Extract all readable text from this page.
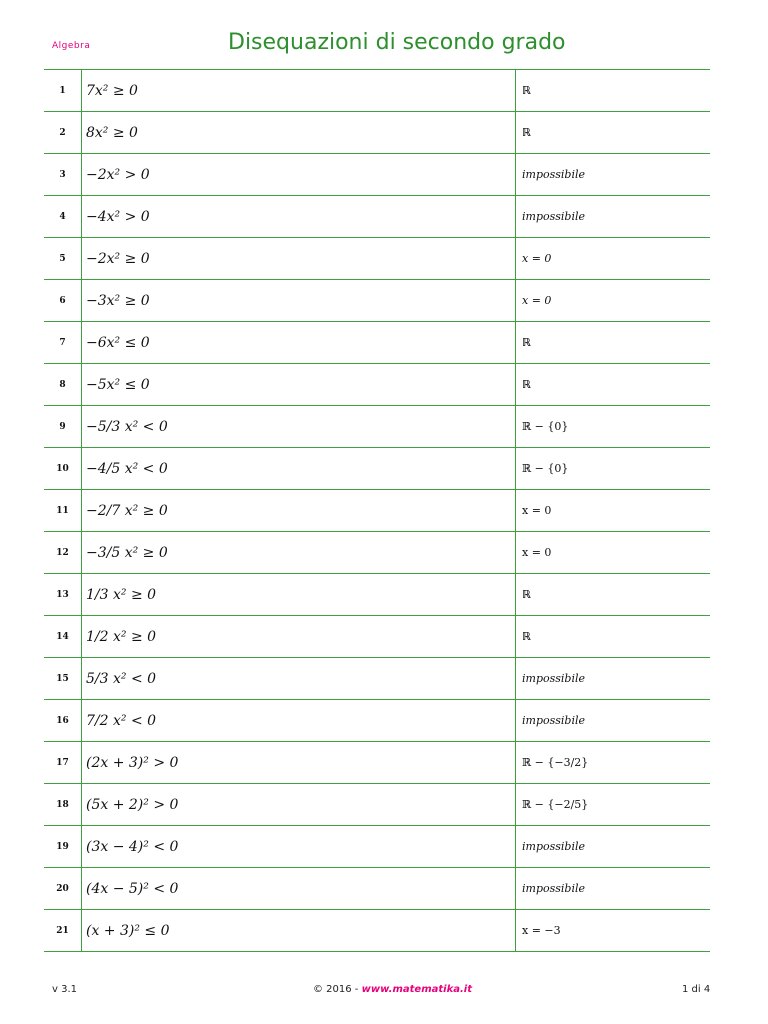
Algebra	Disequazioni di secondo grado
1	7x² ≥ 0	ℝ
2	8x² ≥ 0	ℝ
3	−2x² > 0	impossibile
4	−4x² > 0	impossibile
5	−2x² ≥ 0	x = 0
6	−3x² ≥ 0	x = 0
7	−6x² ≤ 0	ℝ
8	−5x² ≤ 0	ℝ
9	−5/3 x² < 0	ℝ − {0}
10	−4/5 x² < 0	ℝ − {0}
11	−2/7 x² ≥ 0	x = 0
12	−3/5 x² ≥ 0	x = 0
13	1/3 x² ≥ 0	ℝ
14	1/2 x² ≥ 0	ℝ
15	5/3 x² < 0	impossibile
16	7/2 x² < 0	impossibile
17	(2x + 3)² > 0	ℝ − {−3/2}
18	(5x + 2)² > 0	ℝ − {−2/5}
19	(3x − 4)² < 0	impossibile
20	(4x − 5)² < 0	impossibile
21	(x + 3)² ≤ 0	x = −3
v 3.1	© 2016 - www.matematika.it	1 di 4
